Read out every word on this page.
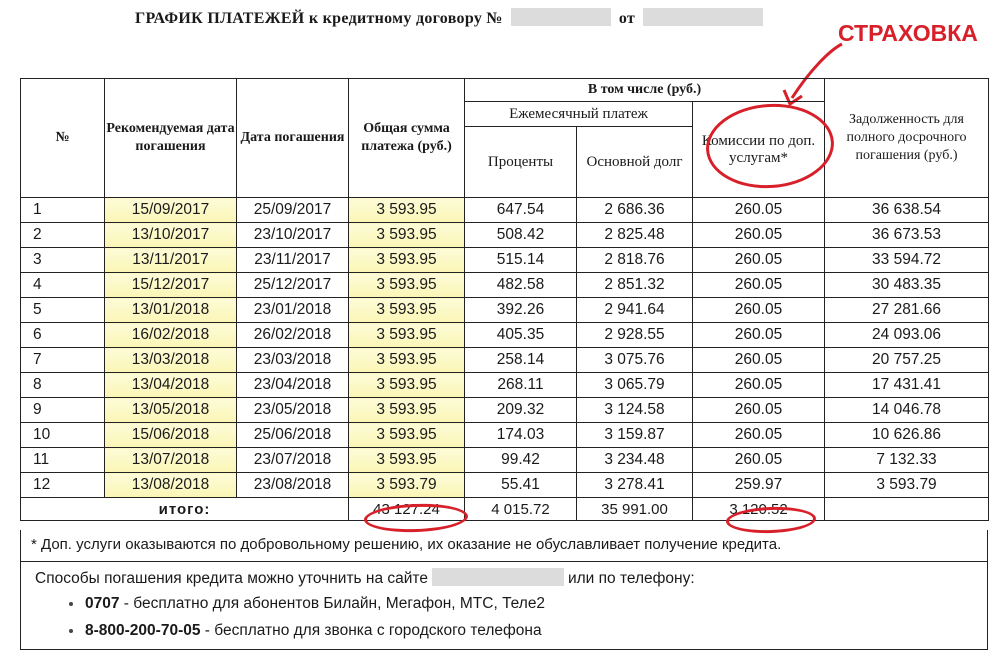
ГРАФИК ПЛАТЕЖЕЙ к кредитному договору №	от
СТРАХОВКА
№	Рекомендуемая дата погашения	Дата погашения	Общая сумма платежа (руб.)	В том числе (руб.)			Задолженность для полного досрочного погашения (руб.)
				Ежемесячный платеж		Комиссии по доп. услугам*	
				Проценты	Основной долг		
1	15/09/2017	25/09/2017	3 593.95	647.54	2 686.36	260.05	36 638.54
2	13/10/2017	23/10/2017	3 593.95	508.42	2 825.48	260.05	36 673.53
3	13/11/2017	23/11/2017	3 593.95	515.14	2 818.76	260.05	33 594.72
4	15/12/2017	25/12/2017	3 593.95	482.58	2 851.32	260.05	30 483.35
5	13/01/2018	23/01/2018	3 593.95	392.26	2 941.64	260.05	27 281.66
6	16/02/2018	26/02/2018	3 593.95	405.35	2 928.55	260.05	24 093.06
7	13/03/2018	23/03/2018	3 593.95	258.14	3 075.76	260.05	20 757.25
8	13/04/2018	23/04/2018	3 593.95	268.11	3 065.79	260.05	17 431.41
9	13/05/2018	23/05/2018	3 593.95	209.32	3 124.58	260.05	14 046.78
10	15/06/2018	25/06/2018	3 593.95	174.03	3 159.87	260.05	10 626.86
11	13/07/2018	23/07/2018	3 593.95	99.42	3 234.48	260.05	7 132.33
12	13/08/2018	23/08/2018	3 593.79	55.41	3 278.41	259.97	3 593.79
итого:			43 127.24	4 015.72	35 991.00	3 120.52	
* Доп. услуги оказываются по добровольному решению, их оказание не обуславливает получение кредита.
Способы погашения кредита можно уточнить на сайте	или по телефону:
0707 - бесплатно для абонентов Билайн, Мегафон, МТС, Теле2
8-800-200-70-05 - бесплатно для звонка с городского телефона
